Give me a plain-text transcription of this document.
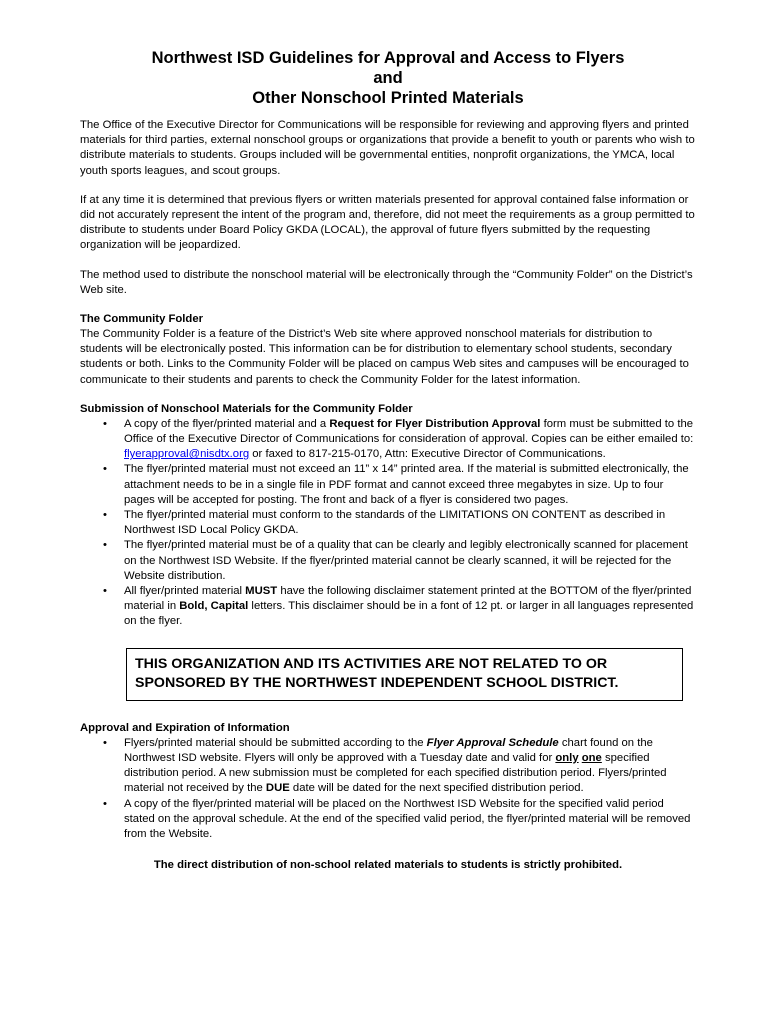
Northwest ISD Guidelines for Approval and Access to Flyers
and
Other Nonschool Printed Materials

The Office of the Executive Director for Communications will be responsible for reviewing and approving flyers and printed materials for third parties, external nonschool groups or organizations that provide a benefit to youth or parents who wish to distribute materials to students. Groups included will be governmental entities, nonprofit organizations, the YMCA, local youth sports leagues, and scout groups.

If at any time it is determined that previous flyers or written materials presented for approval contained false information or did not accurately represent the intent of the program and, therefore, did not meet the requirements as a group permitted to distribute to students under Board Policy GKDA (LOCAL), the approval of future flyers submitted by the requesting organization will be jeopardized.

The method used to distribute the nonschool material will be electronically through the “Community Folder” on the District’s Web site.

The Community Folder

The Community Folder is a feature of the District’s Web site where approved nonschool materials for distribution to students will be electronically posted. This information can be for distribution to elementary school students, secondary students or both. Links to the Community Folder will be placed on campus Web sites and campuses will be encouraged to communicate to their students and parents to check the Community Folder for the latest information.

Submission of Nonschool Materials for the Community Folder
• A copy of the flyer/printed material and a Request for Flyer Distribution Approval form must be submitted to the Office of the Executive Director of Communications for consideration of approval. Copies can be either emailed to: flyerapproval@nisdtx.org or faxed to 817-215-0170, Attn: Executive Director of Communications.
• The flyer/printed material must not exceed an 11” x 14” printed area. If the material is submitted electronically, the attachment needs to be in a single file in PDF format and cannot exceed three megabytes in size. Up to four pages will be accepted for posting. The front and back of a flyer is considered two pages.
• The flyer/printed material must conform to the standards of the LIMITATIONS ON CONTENT as described in Northwest ISD Local Policy GKDA.
• The flyer/printed material must be of a quality that can be clearly and legibly electronically scanned for placement on the Northwest ISD Website. If the flyer/printed material cannot be clearly scanned, it will be rejected for the Website distribution.
• All flyer/printed material MUST have the following disclaimer statement printed at the BOTTOM of the flyer/printed material in Bold, Capital letters. This disclaimer should be in a font of 12 pt. or larger in all languages represented on the flyer.
THIS ORGANIZATION AND ITS ACTIVITIES ARE NOT RELATED TO OR SPONSORED BY THE NORTHWEST INDEPENDENT SCHOOL DISTRICT.
Approval and Expiration of Information
• Flyers/printed material should be submitted according to the Flyer Approval Schedule chart found on the Northwest ISD website. Flyers will only be approved with a Tuesday date and valid for only one specified distribution period. A new submission must be completed for each specified distribution period. Flyers/printed material not received by the DUE date will be dated for the next specified distribution period.
• A copy of the flyer/printed material will be placed on the Northwest ISD Website for the specified valid period stated on the approval schedule. At the end of the specified valid period, the flyer/printed material will be removed from the Website.
The direct distribution of non-school related materials to students is strictly prohibited.
